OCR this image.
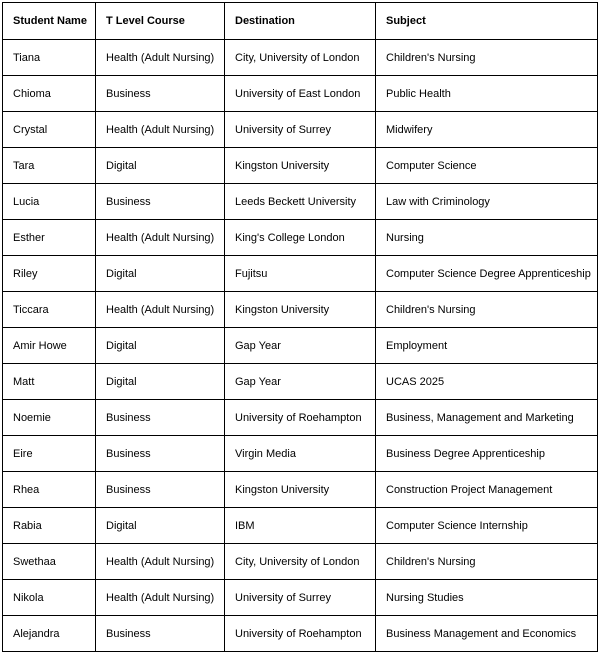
Student Name	T Level Course	Destination	Subject
Tiana	Health (Adult Nursing)	City, University of London	Children's Nursing
Chioma	Business	University of East London	Public Health
Crystal	Health (Adult Nursing)	University of Surrey	Midwifery
Tara	Digital	Kingston University	Computer Science
Lucia	Business	Leeds Beckett University	Law with Criminology
Esther	Health (Adult Nursing)	King's College London	Nursing
Riley	Digital	Fujitsu	Computer Science Degree Apprenticeship
Ticcara	Health (Adult Nursing)	Kingston University	Children's Nursing
Amir Howe	Digital	Gap Year	Employment
Matt	Digital	Gap Year	UCAS 2025
Noemie	Business	University of Roehampton	Business, Management and Marketing
Eire	Business	Virgin Media	Business Degree Apprenticeship
Rhea	Business	Kingston University	Construction Project Management
Rabia	Digital	IBM	Computer Science Internship
Swethaa	Health (Adult Nursing)	City, University of London	Children's Nursing
Nikola	Health (Adult Nursing)	University of Surrey	Nursing Studies
Alejandra	Business	University of Roehampton	Business Management and Economics
